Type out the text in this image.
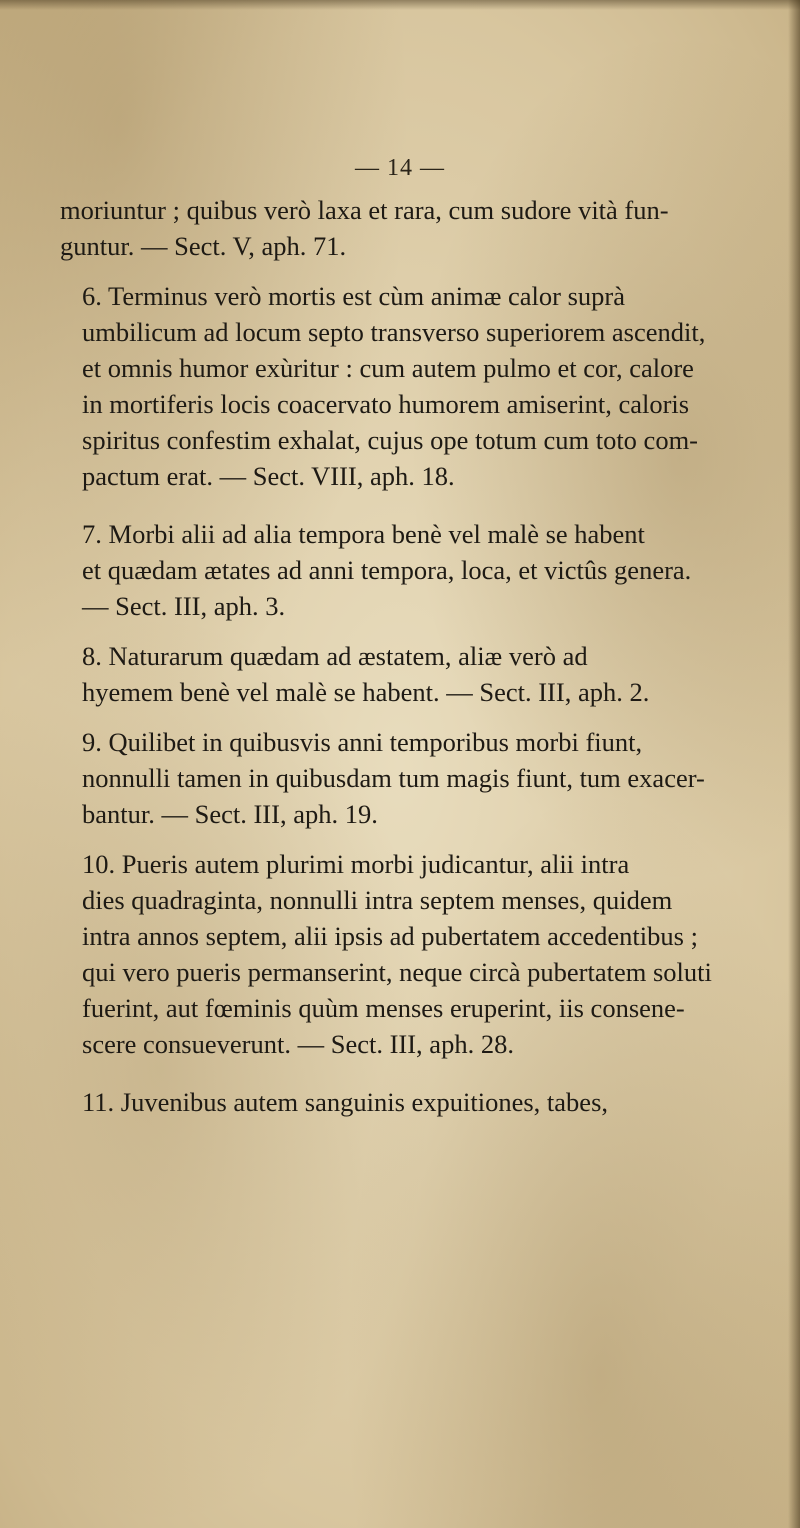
— 14 —

moriuntur ; quibus verò laxa et rara, cum sudore vità fun-
guntur. — Sect. V, aph. 71.

6. Terminus verò mortis est cùm animæ calor suprà
umbilicum ad locum septo transverso superiorem ascendit,
et omnis humor exùritur : cum autem pulmo et cor, calore
in mortiferis locis coacervato humorem amiserint, caloris
spiritus confestim exhalat, cujus ope totum cum toto com-
pactum erat. — Sect. VIII, aph. 18.

7. Morbi alii ad alia tempora benè vel malè se habent
et quædam ætates ad anni tempora, loca, et victûs genera.
— Sect. III, aph. 3.

8. Naturarum quædam ad æstatem, aliæ verò ad
hyemem benè vel malè se habent. — Sect. III, aph. 2.

9. Quilibet in quibusvis anni temporibus morbi fiunt,
nonnulli tamen in quibusdam tum magis fiunt, tum exacer-
bantur. — Sect. III, aph. 19.

10. Pueris autem plurimi morbi judicantur, alii intra
dies quadraginta, nonnulli intra septem menses, quidem
intra annos septem, alii ipsis ad pubertatem accedentibus ;
qui vero pueris permanserint, neque circà pubertatem soluti
fuerint, aut fœminis quùm menses eruperint, iis consene-
scere consueverunt. — Sect. III, aph. 28.

11. Juvenibus autem sanguinis expuitiones, tabes,
